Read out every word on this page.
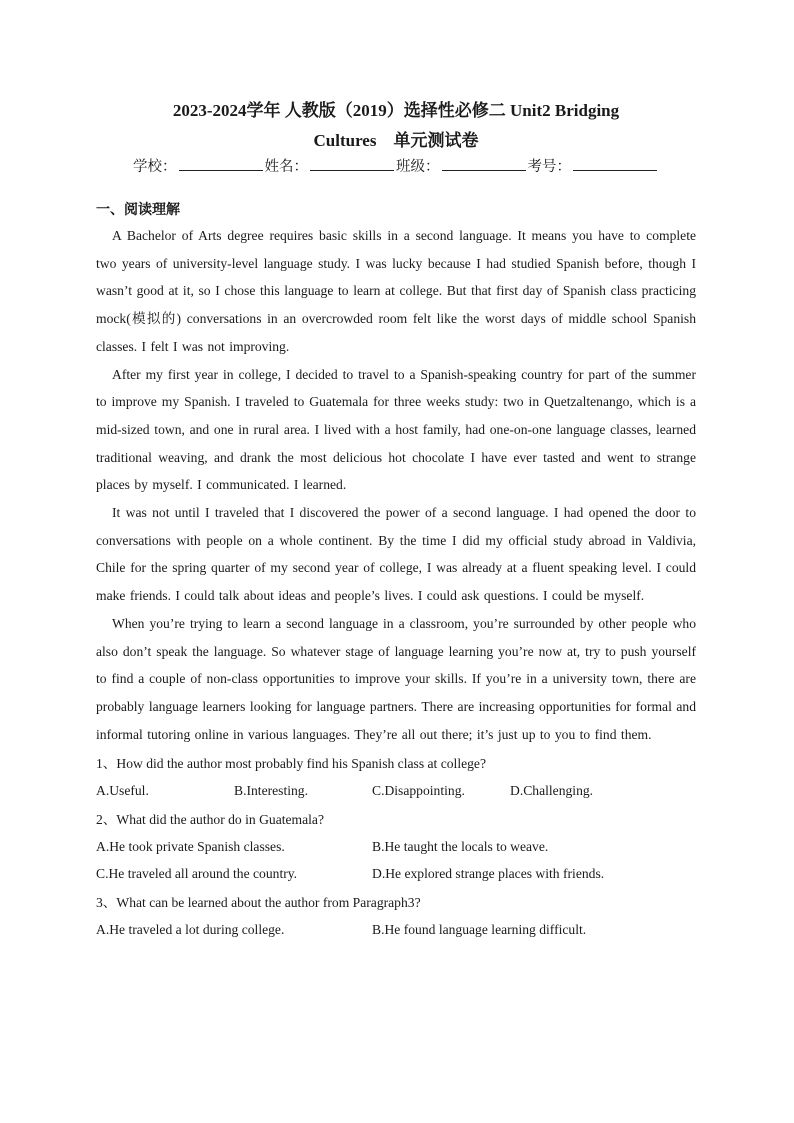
2023-2024学年 人教版（2019）选择性必修二 Unit2 Bridging
Cultures　单元测试卷
学校：	姓名：	班级：	考号：
一、阅读理解

A Bachelor of Arts degree requires basic skills in a second language. It means you have to complete two years of university-level language study. I was lucky because I had studied Spanish before, though I wasn’t good at it, so I chose this language to learn at college. But that first day of Spanish class practicing mock(模拟的) conversations in an overcrowded room felt like the worst days of middle school Spanish classes. I felt I was not improving.

After my first year in college, I decided to travel to a Spanish-speaking country for part of the summer to improve my Spanish. I traveled to Guatemala for three weeks study: two in Quetzaltenango, which is a mid-sized town, and one in rural area. I lived with a host family, had one-on-one language classes, learned traditional weaving, and drank the most delicious hot chocolate I have ever tasted and went to strange places by myself. I communicated. I learned.

It was not until I traveled that I discovered the power of a second language. I had opened the door to conversations with people on a whole continent. By the time I did my official study abroad in Valdivia, Chile for the spring quarter of my second year of college, I was already at a fluent speaking level. I could make friends. I could talk about ideas and people’s lives. I could ask questions. I could be myself.

When you’re trying to learn a second language in a classroom, you’re surrounded by other people who also don’t speak the language. So whatever stage of language learning you’re now at, try to push yourself to find a couple of non-class opportunities to improve your skills. If you’re in a university town, there are probably language learners looking for language partners. There are increasing opportunities for formal and informal tutoring online in various languages. They’re all out there; it’s just up to you to find them.

1、How did the author most probably find his Spanish class at college?
A.Useful.	B.Interesting.	C.Disappointing.	D.Challenging.
2、What did the author do in Guatemala?
A.He took private Spanish classes.	B.He taught the locals to weave.
C.He traveled all around the country.	D.He explored strange places with friends.
3、What can be learned about the author from Paragraph3?
A.He traveled a lot during college.	B.He found language learning difficult.
